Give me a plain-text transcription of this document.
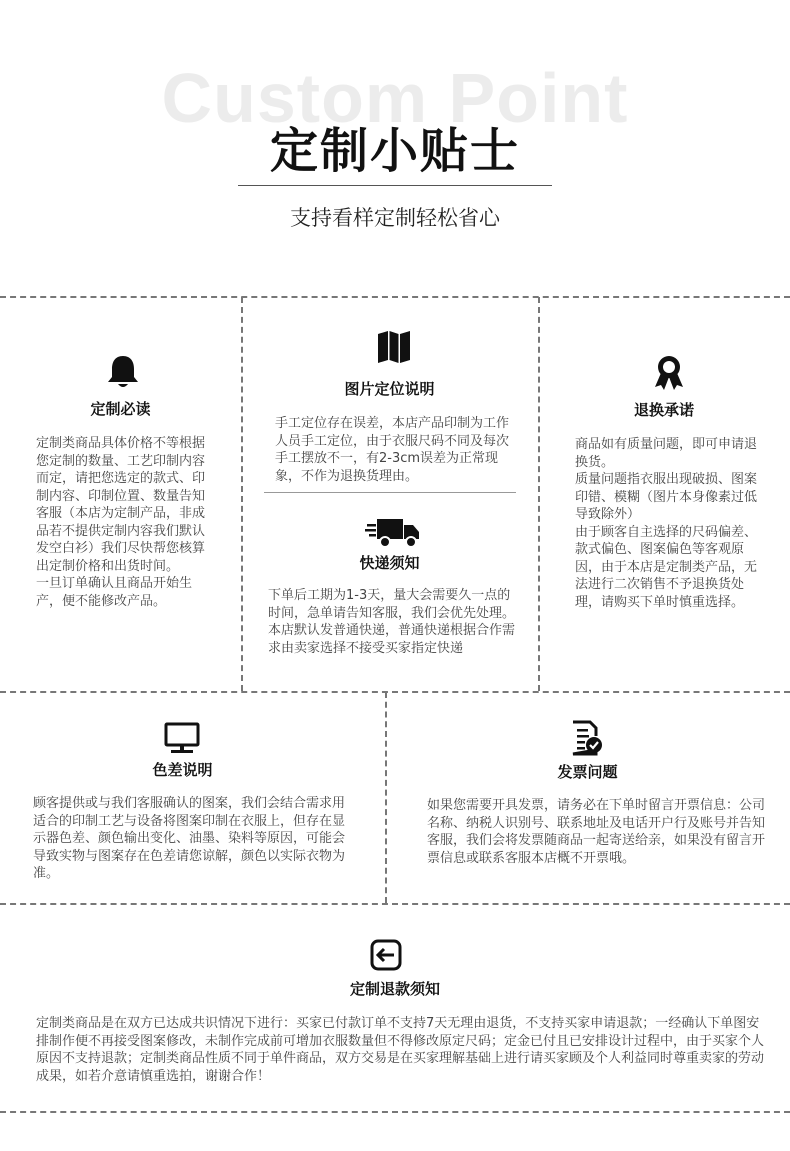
Custom Point
定制小贴士
支持看样定制轻松省心
定制必读
定制类商品具体价格不等根据您定制的数量、工艺印制内容而定，请把您选定的款式、印制内容、印制位置、数量告知客服（本店为定制产品，非成品若不提供定制内容我们默认发空白衫）我们尽快帮您核算出定制价格和出货时间。
一旦订单确认且商品开始生产，便不能修改产品。
图片定位说明
手工定位存在误差，本店产品印制为工作人员手工定位，由于衣服尺码不同及每次手工摆放不一，有2-3cm误差为正常现象，不作为退换货理由。
快递须知
下单后工期为1-3天，量大会需要久一点的时间，急单请告知客服，我们会优先处理。
本店默认发普通快递，普通快递根据合作需求由卖家选择不接受买家指定快递
退换承诺
商品如有质量问题，即可申请退换货。
质量问题指衣服出现破损、图案印错、模糊（图片本身像素过低导致除外）
由于顾客自主选择的尺码偏差、款式偏色、图案偏色等客观原因，由于本店是定制类产品，无法进行二次销售不予退换货处理，请购买下单时慎重选择。
色差说明
顾客提供或与我们客服确认的图案，我们会结合需求用适合的印制工艺与设备将图案印制在衣服上，但存在显示器色差、颜色输出变化、油墨、染料等原因，可能会导致实物与图案存在色差请您谅解，颜色以实际衣物为准。
发票问题
如果您需要开具发票，请务必在下单时留言开票信息：公司名称、纳税人识别号、联系地址及电话开户行及账号并告知客服，我们会将发票随商品一起寄送给亲，如果没有留言开票信息或联系客服本店概不开票哦。
定制退款须知
定制类商品是在双方已达成共识情况下进行：买家已付款订单不支持7天无理由退货，不支持买家申请退款；一经确认下单图安排制作便不再接受图案修改，未制作完成前可增加衣服数量但不得修改原定尺码；定金已付且已安排设计过程中，由于买家个人原因不支持退款；定制类商品性质不同于单件商品，双方交易是在买家理解基础上进行请买家顾及个人利益同时尊重卖家的劳动成果，如若介意请慎重选拍，谢谢合作！
